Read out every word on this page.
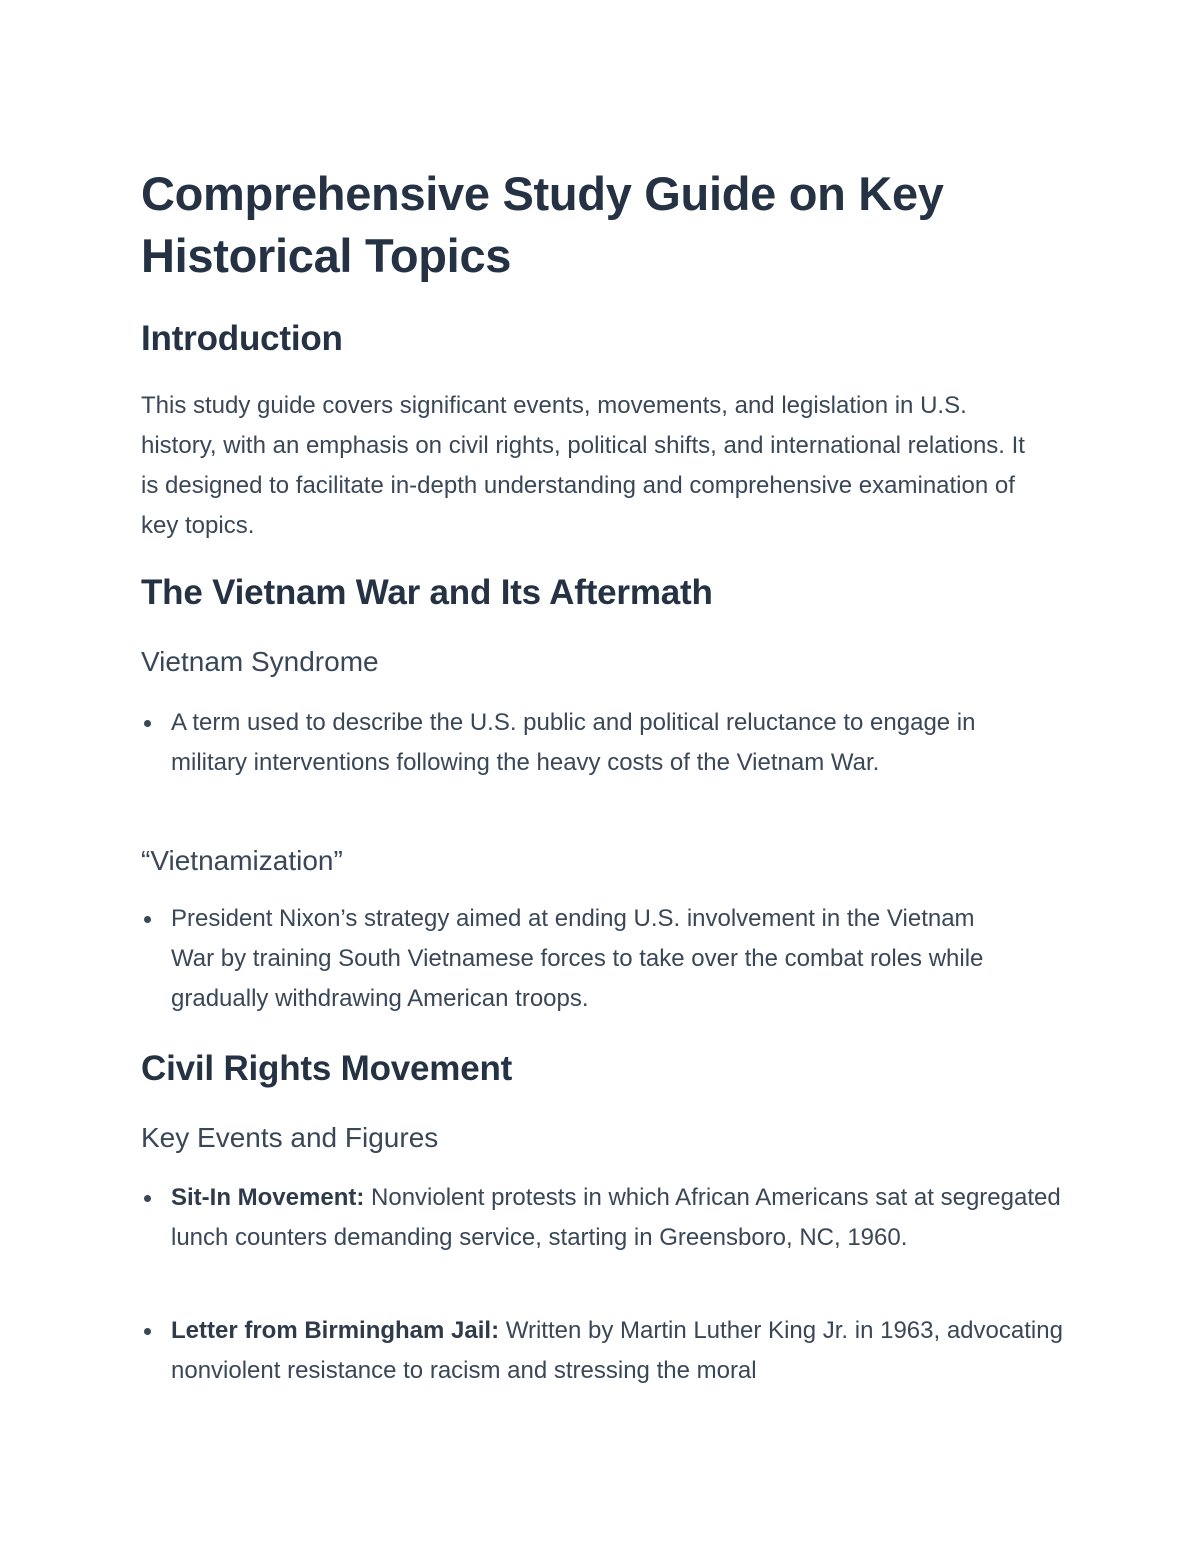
Comprehensive Study Guide on Key Historical Topics
Introduction

This study guide covers significant events, movements, and legislation in U.S. history, with an emphasis on civil rights, political shifts, and international relations. It is designed to facilitate in-depth understanding and comprehensive examination of key topics.

The Vietnam War and Its Aftermath
Vietnam Syndrome
A term used to describe the U.S. public and political reluctance to engage in military interventions following the heavy costs of the Vietnam War.
“Vietnamization”
President Nixon’s strategy aimed at ending U.S. involvement in the Vietnam War by training South Vietnamese forces to take over the combat roles while gradually withdrawing American troops.
Civil Rights Movement
Key Events and Figures
Sit-In Movement: Nonviolent protests in which African Americans sat at segregated lunch counters demanding service, starting in Greensboro, NC, 1960.
Letter from Birmingham Jail: Written by Martin Luther King Jr. in 1963, advocating nonviolent resistance to racism and stressing the moral
